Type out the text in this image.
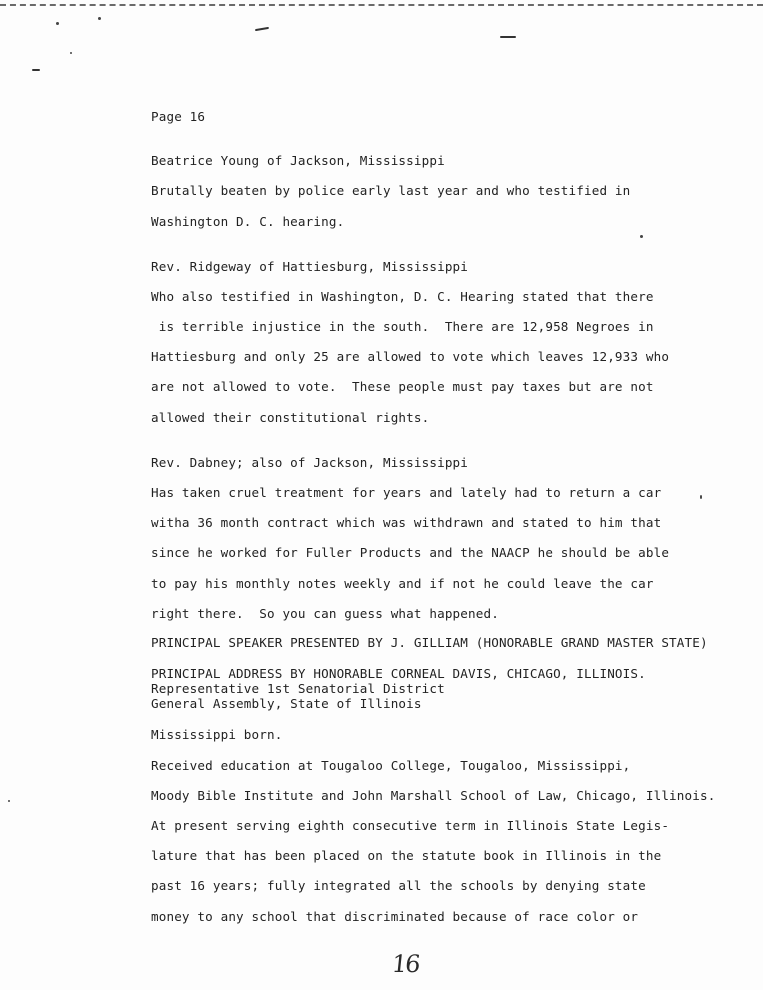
Page 16
Beatrice Young of Jackson, Mississippi
Brutally beaten by police early last year and who testified in
Washington D. C. hearing.
Rev. Ridgeway of Hattiesburg, Mississippi
Who also testified in Washington, D. C. Hearing stated that there
is terrible injustice in the south.  There are 12,958 Negroes in
Hattiesburg and only 25 are allowed to vote which leaves 12,933 who
are not allowed to vote.  These people must pay taxes but are not
allowed their constitutional rights.
Rev. Dabney; also of Jackson, Mississippi
Has taken cruel treatment for years and lately had to return a car
witha 36 month contract which was withdrawn and stated to him that
since he worked for Fuller Products and the NAACP he should be able
to pay his monthly notes weekly and if not he could leave the car
right there.  So you can guess what happened.
PRINCIPAL SPEAKER PRESENTED BY J. GILLIAM (HONORABLE GRAND MASTER STATE)
PRINCIPAL ADDRESS BY HONORABLE CORNEAL DAVIS, CHICAGO, ILLINOIS.
Representative 1st Senatorial District
General Assembly, State of Illinois
Mississippi born.
Received education at Tougaloo College, Tougaloo, Mississippi,
Moody Bible Institute and John Marshall School of Law, Chicago, Illinois.
At present serving eighth consecutive term in Illinois State Legis-
lature that has been placed on the statute book in Illinois in the
past 16 years; fully integrated all the schools by denying state
money to any school that discriminated because of race color or
16
